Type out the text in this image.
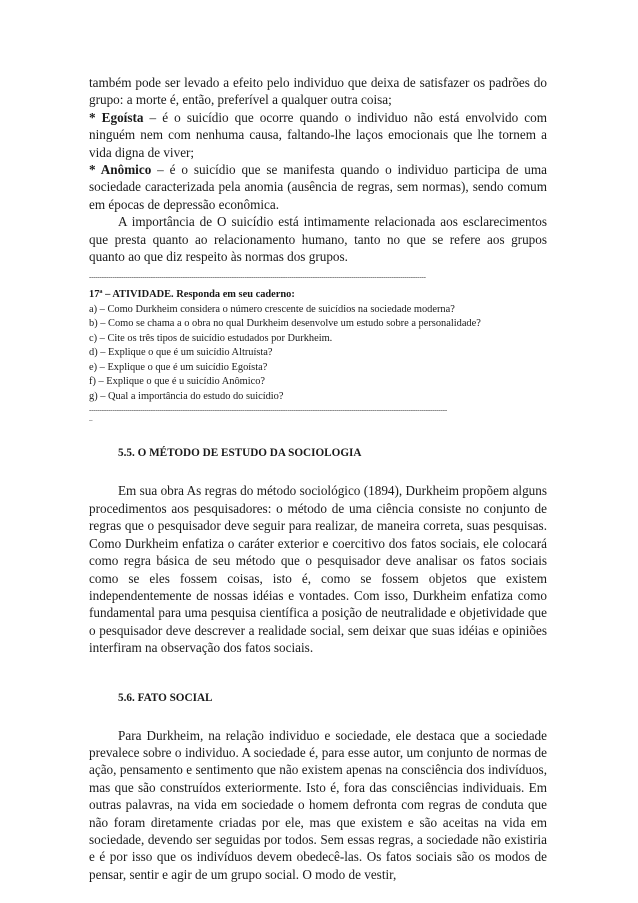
também pode ser levado a efeito pelo individuo que deixa de satisfazer os padrões do grupo: a morte é, então, preferível a qualquer outra coisa;

* Egoísta – é o suicídio que ocorre quando o individuo não está envolvido com ninguém nem com nenhuma causa, faltando-lhe laços emocionais que lhe tornem a vida digna de viver;

* Anômico – é o suicídio que se manifesta quando o individuo participa de uma sociedade caracterizada pela anomia (ausência de regras, sem normas), sendo comum em épocas de depressão econômica.

A importância de O suicídio está intimamente relacionada aos esclarecimentos que presta quanto ao relacionamento humano, tanto no que se refere aos grupos quanto ao que diz respeito às normas dos grupos.

--------------------------------------------------------------------------------------------------------------------------------------------------------------

17ª – ATIVIDADE. Responda em seu caderno:

a) – Como Durkheim considera o número crescente de suicídios na sociedade moderna?

b) – Como se chama a o obra no qual Durkheim desenvolve um estudo sobre a personalidade?

c) – Cite os três tipos de suicídio estudados por Durkheim.

d) – Explique o que é um suicídio Altruísta?

e) – Explique o que é um suicídio Egoísta?

f) – Explique o que é u suicídio Anômico?

g) – Qual a importância do estudo do suicídio?

------------------------------------------------------------------------------------------------------------------------------------------------------------------------
–
5.5. O MÉTODO DE ESTUDO DA SOCIOLOGIA

Em sua obra As regras do método sociológico (1894), Durkheim propõem alguns procedimentos aos pesquisadores: o método de uma ciência consiste no conjunto de regras que o pesquisador deve seguir para realizar, de maneira correta, suas pesquisas. Como Durkheim enfatiza o caráter exterior e coercitivo dos fatos sociais, ele colocará como regra básica de seu método que o pesquisador deve analisar os fatos sociais como se eles fossem coisas, isto é, como se fossem objetos que existem independentemente de nossas idéias e vontades. Com isso, Durkheim enfatiza como fundamental para uma pesquisa científica a posição de neutralidade e objetividade que o pesquisador deve descrever a realidade social, sem deixar que suas idéias e opiniões interfiram na observação dos fatos sociais.

5.6. FATO SOCIAL

Para Durkheim, na relação individuo e sociedade, ele destaca que a sociedade prevalece sobre o individuo. A sociedade é, para esse autor, um conjunto de normas de ação, pensamento e sentimento que não existem apenas na consciência dos indivíduos, mas que são construídos exteriormente. Isto é, fora das consciências individuais. Em outras palavras, na vida em sociedade o homem defronta com regras de conduta que não foram diretamente criadas por ele, mas que existem e são aceitas na vida em sociedade, devendo ser seguidas por todos. Sem essas regras, a sociedade não existiria e é por isso que os indivíduos devem obedecê-las. Os fatos sociais são os modos de pensar, sentir e agir de um grupo social. O modo de vestir,
